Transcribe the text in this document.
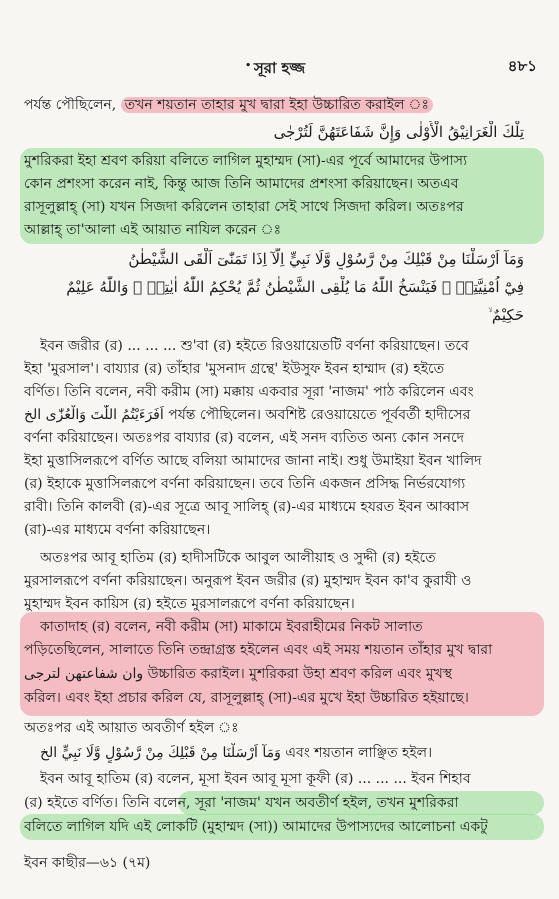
. সূরা হজ্জ	৪৮১
পর্যন্ত পৌছিলেন, তখন শয়তান তাহার মুখ দ্বারা ইহা উচ্চারিত করাইল ঃ
تِلْكَ الْغَرَانِيْقُ الْأُوْلٰى وَإِنَّ شَفَاعَتَهُنَّ لَتُرْجٰى
মুশরিকরা ইহা শ্রবণ করিয়া বলিতে লাগিল মুহাম্মদ (সা)-এর পূর্বে আমাদের উপাস্য
কোন প্রশংসা করেন নাই, কিন্তু আজ তিনি আমাদের প্রশংসা করিয়াছেন। অতএব
রাসূলুল্লাহ্ (সা) যখন সিজদা করিলেন তাহারা সেই সাথে সিজদা করিল। অতঃপর
আল্লাহ্ তা'আলা এই আয়াত নাযিল করেন ঃ
وَمَآ اَرْسَلْنَا مِنْ قَبْلِكَ مِنْ رَّسُوْلٍ وَّلَا نَبِيٍّ اِلَّآ اِذَا تَمَنّٰىٓ اَلْقَى الشَّيْطٰنُ
فِيْٓ اُمْنِيَّتِهٖ ۚ فَيَنْسَخُ اللّٰهُ مَا يُلْقِى الشَّيْطٰنُ ثُمَّ يُحْكِمُ اللّٰهُ اٰيٰتِهٖ ۗ وَاللّٰهُ عَلِيْمٌ
حَكِيْمٌ ۙ
ইবন জরীর (র) ... ... ... শু'বা (র) হইতে রিওয়ায়েতটি বর্ণনা করিয়াছেন। তবে
ইহা 'মুরসাল'। বায্যার (র) তাঁহার 'মুসনাদ গ্রন্থে' ইউসুফ ইবন হাম্মাদ (র) হইতে
বর্ণিত। তিনি বলেন, নবী করীম (সা) মক্কায় একবার সূরা 'নাজম' পাঠ করিলেন এবং
اَفَرَءَيْتُمُ اللّٰتَ وَالْعُزّٰى الخ পর্যন্ত পৌছিলেন। অবশিষ্ট রেওয়ায়েতে পূর্ববর্তী হাদীসের
বর্ণনা করিয়াছেন। অতঃপর বায্যার (র) বলেন, এই সনদ ব্যতিত অন্য কোন সনদে
ইহা মুত্তাসিলরূপে বর্ণিত আছে বলিয়া আমাদের জানা নাই। শুধু উমাইয়া ইবন খালিদ
(র) ইহাকে মুত্তাসিলরূপে বর্ণনা করিয়াছেন। তবে তিনি একজন প্রসিদ্ধ নির্ভরযোগ্য
রাবী। তিনি কালবী (র)-এর সূত্রে আবূ সালিহ্ (র)-এর মাধ্যমে হযরত ইবন আব্বাস
(রা)-এর মাধ্যমে বর্ণনা করিয়াছেন।
অতঃপর আবূ হাতিম (র) হাদীসটিকে আবুল আলীয়াহ ও সুদ্দী (র) হইতে
মুরসালরূপে বর্ণনা করিয়াছেন। অনুরূপ ইবন জরীর (র) মুহাম্মদ ইবন কা'ব কুরাযী ও
মুহাম্মদ ইবন কায়িস (র) হইতে মুরসালরূপে বর্ণনা করিয়াছেন।
কাতাদাহ (র) বলেন, নবী করীম (সা) মাকামে ইবরাহীমের নিকট সালাত
পড়িতেছিলেন, সালাতে তিনি তন্দ্রাগ্রস্ত হইলেন এবং এই সময় শয়তান তাঁহার মুখ দ্বারা
وان شفاعتهن لترجى উচ্চারিত করাইল। মুশরিকরা উহা শ্রবণ করিল এবং মুখস্থ
করিল। এবং ইহা প্রচার করিল যে, রাসূলুল্লাহ্ (সা)-এর মুখে ইহা উচ্চারিত হইয়াছে।
অতঃপর এই আয়াত অবতীর্ণ হইল ঃ
وَمَآ اَرْسَلْنَا مِنْ قَبْلِكَ مِنْ رَّسُوْلٍ وَّلَا نَبِيٍّ الخ এবং শয়তান লাঞ্ছিত হইল।
ইবন আবূ হাতিম (র) বলেন, মূসা ইবন আবূ মূসা কূফী (র) ... ... ... ইবন শিহাব
(র) হইতে বর্ণিত। তিনি বলেন, সূরা 'নাজম' যখন অবতীর্ণ হইল, তখন মুশরিকরা
বলিতে লাগিল যদি এই লোকটি (মুহাম্মদ (সা)) আমাদের উপাস্যদের আলোচনা একটু
ইবন কাছীর—৬১ (৭ম)
